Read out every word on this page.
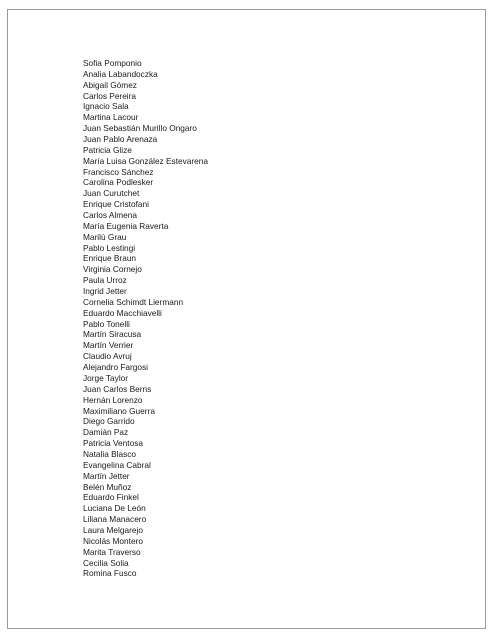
Sofia Pomponio
Analia Labandoczka
Abigail Gómez
Carlos Pereira
Ignacio Sala
Martina Lacour
Juan Sebastián Murillo Ongaro
Juan Pablo Arenaza
Patricia Glize
María Luisa González Estevarena
Francisco Sánchez
Carolina Podlesker
Juan Curutchet
Enrique Cristofani
Carlos Almena
María Eugenia Raverta
Marilú Grau
Pablo Lestingi
Enrique Braun
Virginia Cornejo
Paula Urroz
Ingrid Jetter
Cornelia Schimdt Liermann
Eduardo Macchiavelli
Pablo Tonelli
Martín Siracusa
Martín Verrier
Claudio Avruj
Alejandro Fargosi
Jorge Taylor
Juan Carlos Berns
Hernán Lorenzo
Maximiliano Guerra
Diego Garrido
Damián Paz
Patricia Ventosa
Natalia Blasco
Evangelina Cabral
Martín Jetter
Belén Muñoz
Eduardo Finkel
Luciana De León
Liliana Manacero
Laura Melgarejo
Nicolás Montero
Marita Traverso
Cecilia Solia
Romina Fusco
